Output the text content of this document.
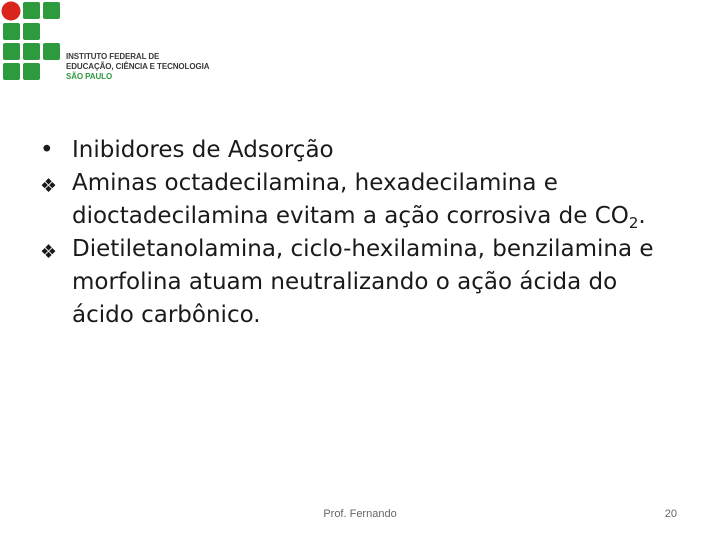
INSTITUTO FEDERAL DE
EDUCAÇÃO, CIÊNCIA E TECNOLOGIA
SÃO PAULO
• Inibidores de Adsorção
❖ Aminas octadecilamina, hexadecilamina e dioctadecilamina evitam a ação corrosiva de $CO_2$.
❖ Dietiletanolamina, ciclo-hexilamina, benzilamina e morfolina atuam neutralizando o ação ácida do ácido carbônico.
Prof. Fernando	20
